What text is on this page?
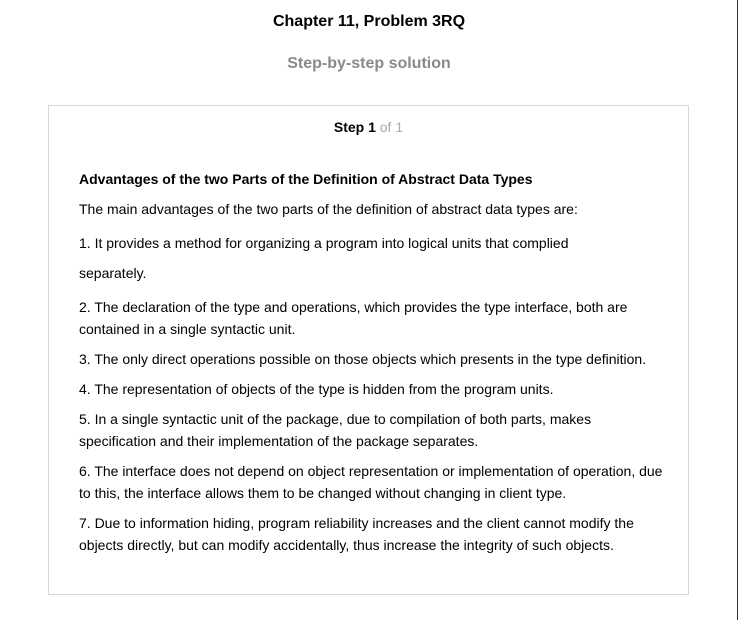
Chapter 11, Problem 3RQ
Step-by-step solution
Step 1 of 1

Advantages of the two Parts of the Definition of Abstract Data Types

The main advantages of the two parts of the definition of abstract data types are:

1. It provides a method for organizing a program into logical units that complied

separately.

2. The declaration of the type and operations, which provides the type interface, both are contained in a single syntactic unit.

3. The only direct operations possible on those objects which presents in the type definition.

4. The representation of objects of the type is hidden from the program units.

5. In a single syntactic unit of the package, due to compilation of both parts, makes specification and their implementation of the package separates.

6. The interface does not depend on object representation or implementation of operation, due to this, the interface allows them to be changed without changing in client type.

7. Due to information hiding, program reliability increases and the client cannot modify the objects directly, but can modify accidentally, thus increase the integrity of such objects.
